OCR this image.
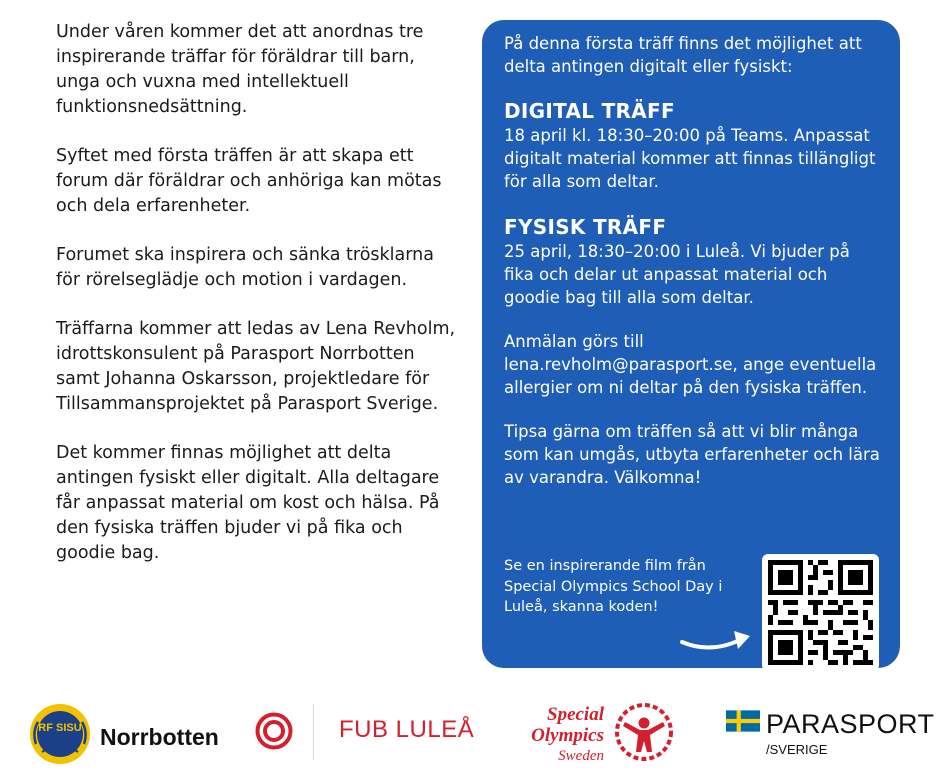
Under våren kommer det att anordnas tre inspirerande träffar för föräldrar till barn, unga och vuxna med intellektuell funktionsnedsättning.

Syftet med första träffen är att skapa ett forum där föräldrar och anhöriga kan mötas och dela erfarenheter.

Forumet ska inspirera och sänka trösklarna för rörelseglädje och motion i vardagen.

Träffarna kommer att ledas av Lena Revholm, idrottskonsulent på Parasport Norrbotten samt Johanna Oskarsson, projektledare för Tillsammansprojektet på Parasport Sverige.

Det kommer finnas möjlighet att delta antingen fysiskt eller digitalt. Alla deltagare får anpassat material om kost och hälsa. På den fysiska träffen bjuder vi på fika och goodie bag.

På denna första träff finns det möjlighet att delta antingen digitalt eller fysiskt:

DIGITAL TRÄFF

18 april kl. 18:30–20:00 på Teams. Anpassat digitalt material kommer att finnas tillängligt för alla som deltar.

FYSISK TRÄFF

25 april, 18:30–20:00 i Luleå. Vi bjuder på fika och delar ut anpassat material och goodie bag till alla som deltar.

Anmälan görs till lena.revholm@parasport.se, ange eventuella allergier om ni deltar på den fysiska träffen.

Tipsa gärna om träffen så att vi blir många som kan umgås, utbyta erfarenheter och lära av varandra. Välkomna!

Se en inspirerande film från Special Olympics School Day i Luleå, skanna koden!

RF SISU Norrbotten	FUB LULEÅ
Special
Olympics
Sweden
PARASPORT
/SVERIGE
